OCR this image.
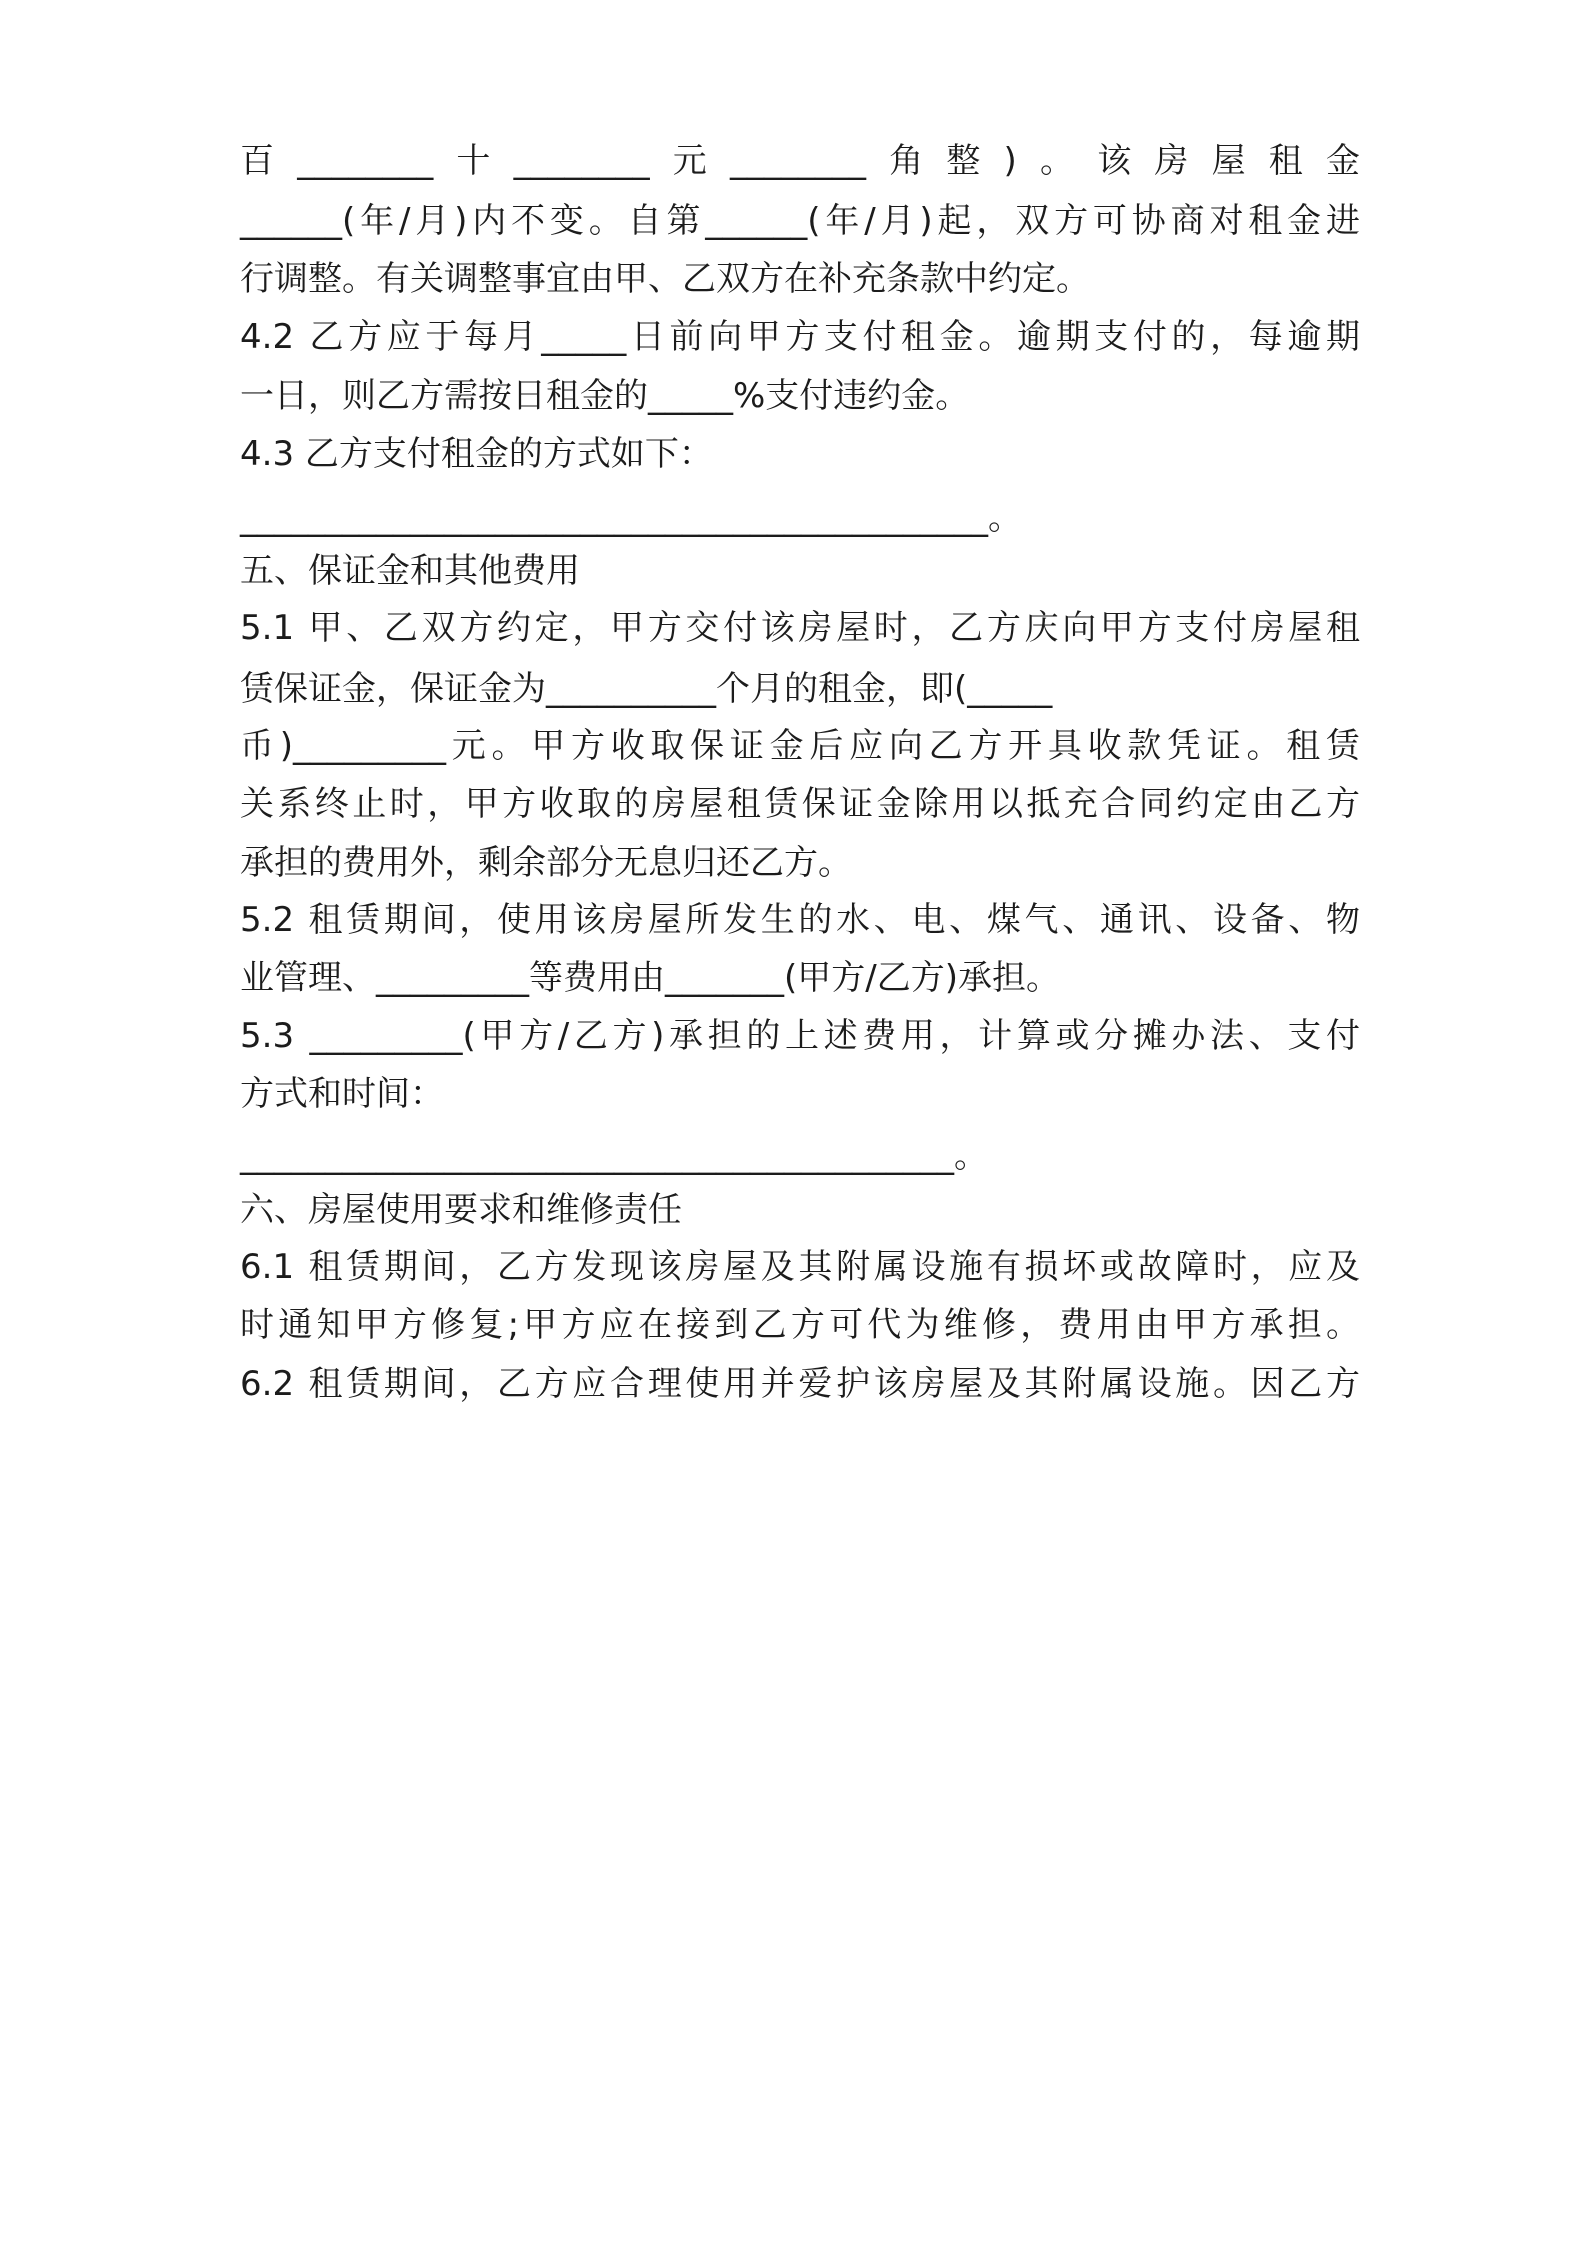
百________十________元________角整)。该房屋租金
______(年/月)内不变。自第______(年/月)起，双方可协商对租金进
行调整。有关调整事宜由甲、乙双方在补充条款中约定。
4.2 乙方应于每月_____日前向甲方支付租金。逾期支付的，每逾期
一日，则乙方需按日租金的_____%支付违约金。
4.3 乙方支付租金的方式如下：
____________________________________________。
五、保证金和其他费用
5.1 甲、乙双方约定，甲方交付该房屋时，乙方庆向甲方支付房屋租
赁保证金，保证金为__________个月的租金，即(_____
币)_________元。甲方收取保证金后应向乙方开具收款凭证。租赁
关系终止时，甲方收取的房屋租赁保证金除用以抵充合同约定由乙方
承担的费用外，剩余部分无息归还乙方。
5.2 租赁期间，使用该房屋所发生的水、电、煤气、通讯、设备、物
业管理、_________等费用由_______(甲方/乙方)承担。
5.3 _________(甲方/乙方)承担的上述费用，计算或分摊办法、支付
方式和时间：
__________________________________________。
六、房屋使用要求和维修责任
6.1 租赁期间，乙方发现该房屋及其附属设施有损坏或故障时，应及
时通知甲方修复;甲方应在接到乙方可代为维修，费用由甲方承担。
6.2 租赁期间，乙方应合理使用并爱护该房屋及其附属设施。因乙方
